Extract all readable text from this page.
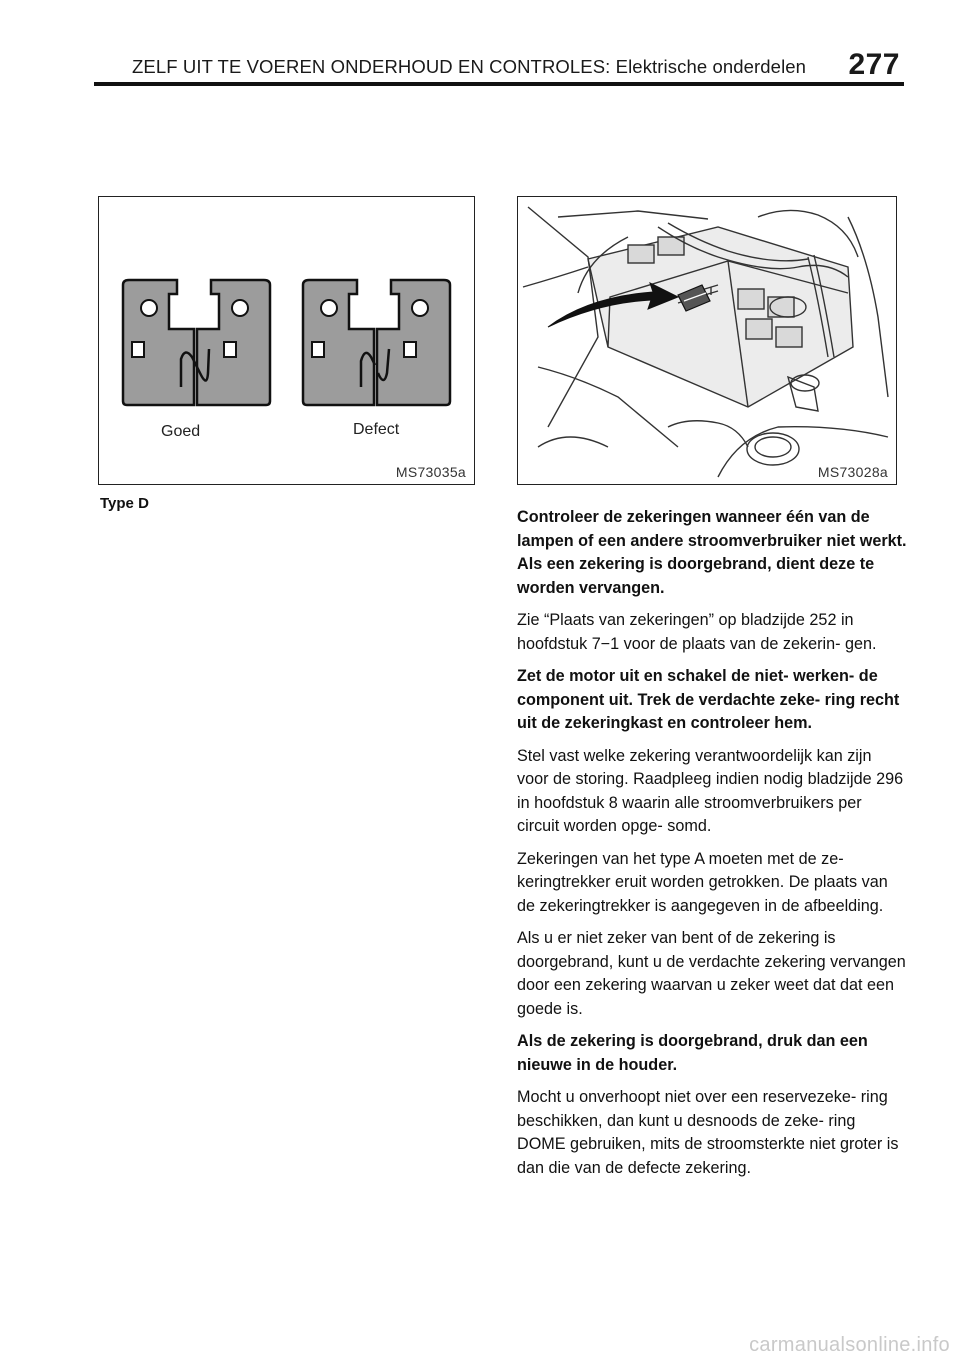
ZELF UIT TE VOEREN ONDERHOUD EN CONTROLES: Elektrische onderdelen 277
Goed	Defect
MS73035a	MS73028a
Type D

Controleer de zekeringen wanneer één van de lampen of een andere stroomverbruiker niet werkt. Als een zekering is doorgebrand, dient deze te worden vervangen.

Zie “Plaats van zekeringen” op bladzijde 252 in hoofdstuk 7−1 voor de plaats van de zekerin- gen.

Zet de motor uit en schakel de niet- werken- de component uit. Trek de verdachte zeke- ring recht uit de zekeringkast en controleer hem.

Stel vast welke zekering verantwoordelijk kan zijn voor de storing. Raadpleeg indien nodig bladzijde 296 in hoofdstuk 8 waarin alle stroomverbruikers per circuit worden opge- somd.

Zekeringen van het type A moeten met de ze- keringtrekker eruit worden getrokken. De plaats van de zekeringtrekker is aangegeven in de afbeelding.

Als u er niet zeker van bent of de zekering is doorgebrand, kunt u de verdachte zekering vervangen door een zekering waarvan u zeker weet dat dat een goede is.

Als de zekering is doorgebrand, druk dan een nieuwe in de houder.

Mocht u onverhoopt niet over een reservezeke- ring beschikken, dan kunt u desnoods de zeke- ring DOME gebruiken, mits de stroomsterkte niet groter is dan die van de defecte zekering.

carmanualsonline.info
